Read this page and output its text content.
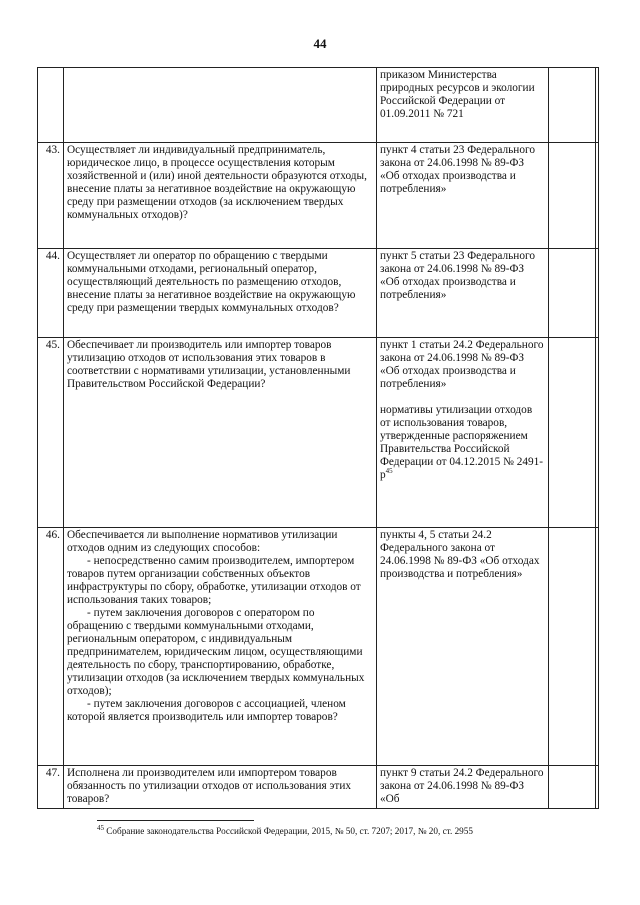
44

		приказом Министерства природных ресурсов и экологии Российской Федерации от 01.09.2011 № 721		

43.	Осуществляет ли индивидуальный предприниматель, юридическое лицо, в процессе осуществления которым хозяйственной и (или) иной деятельности образуются отходы, внесение платы за негативное воздействие на окружающую среду при размещении отходов (за исключением твердых коммунальных отходов)?	пункт 4 статьи 23 Федерального закона от 24.06.1998 № 89-ФЗ «Об отходах производства и потребления»		

44.	Осуществляет ли оператор по обращению с твердыми коммунальными отходами, региональный оператор, осуществляющий деятельность по размещению отходов, внесение платы за негативное воздействие на окружающую среду при размещении твердых коммунальных отходов?	пункт 5 статьи 23 Федерального закона от 24.06.1998 № 89-ФЗ «Об отходах производства и потребления»		

45.	Обеспечивает ли производитель или импортер товаров утилизацию отходов от использования этих товаров в соответствии с нормативами утилизации, установленными Правительством Российской Федерации?	пункт 1 статьи 24.2 Федерального закона от 24.06.1998 № 89-ФЗ «Об отходах производства и потребления»
нормативы утилизации отходов от использования товаров, утвержденные распоряжением Правительства Российской Федерации от 04.12.2015 № $2491-р^{45}$

46.	Обеспечивается ли выполнение нормативов утилизации отходов одним из следующих способов:
- непосредственно самим производителем, импортером товаров путем организации собственных объектов инфраструктуры по сбору, обработке, утилизации отходов от использования таких товаров;
- путем заключения договоров с оператором по обращению с твердыми коммунальными отходами, региональным оператором, с индивидуальным предпринимателем, юридическим лицом, осуществляющими деятельность по сбору, транспортированию, обработке, утилизации отходов (за исключением твердых коммунальных отходов);
- путем заключения договоров с ассоциацией, членом которой является производитель или импортер товаров?	пункты 4, 5 статьи 24.2 Федерального закона от 24.06.1998 № 89-ФЗ «Об отходах производства и потребления»		

47.	Исполнена ли производителем или импортером товаров обязанность по утилизации отходов от использования этих товаров?	пункт 9 статьи 24.2 Федерального закона от 24.06.1998 № 89-ФЗ «Об		

$^{45}$ Собрание законодательства Российской Федерации, 2015, № 50, ст. 7207; 2017, № 20, ст. 2955
